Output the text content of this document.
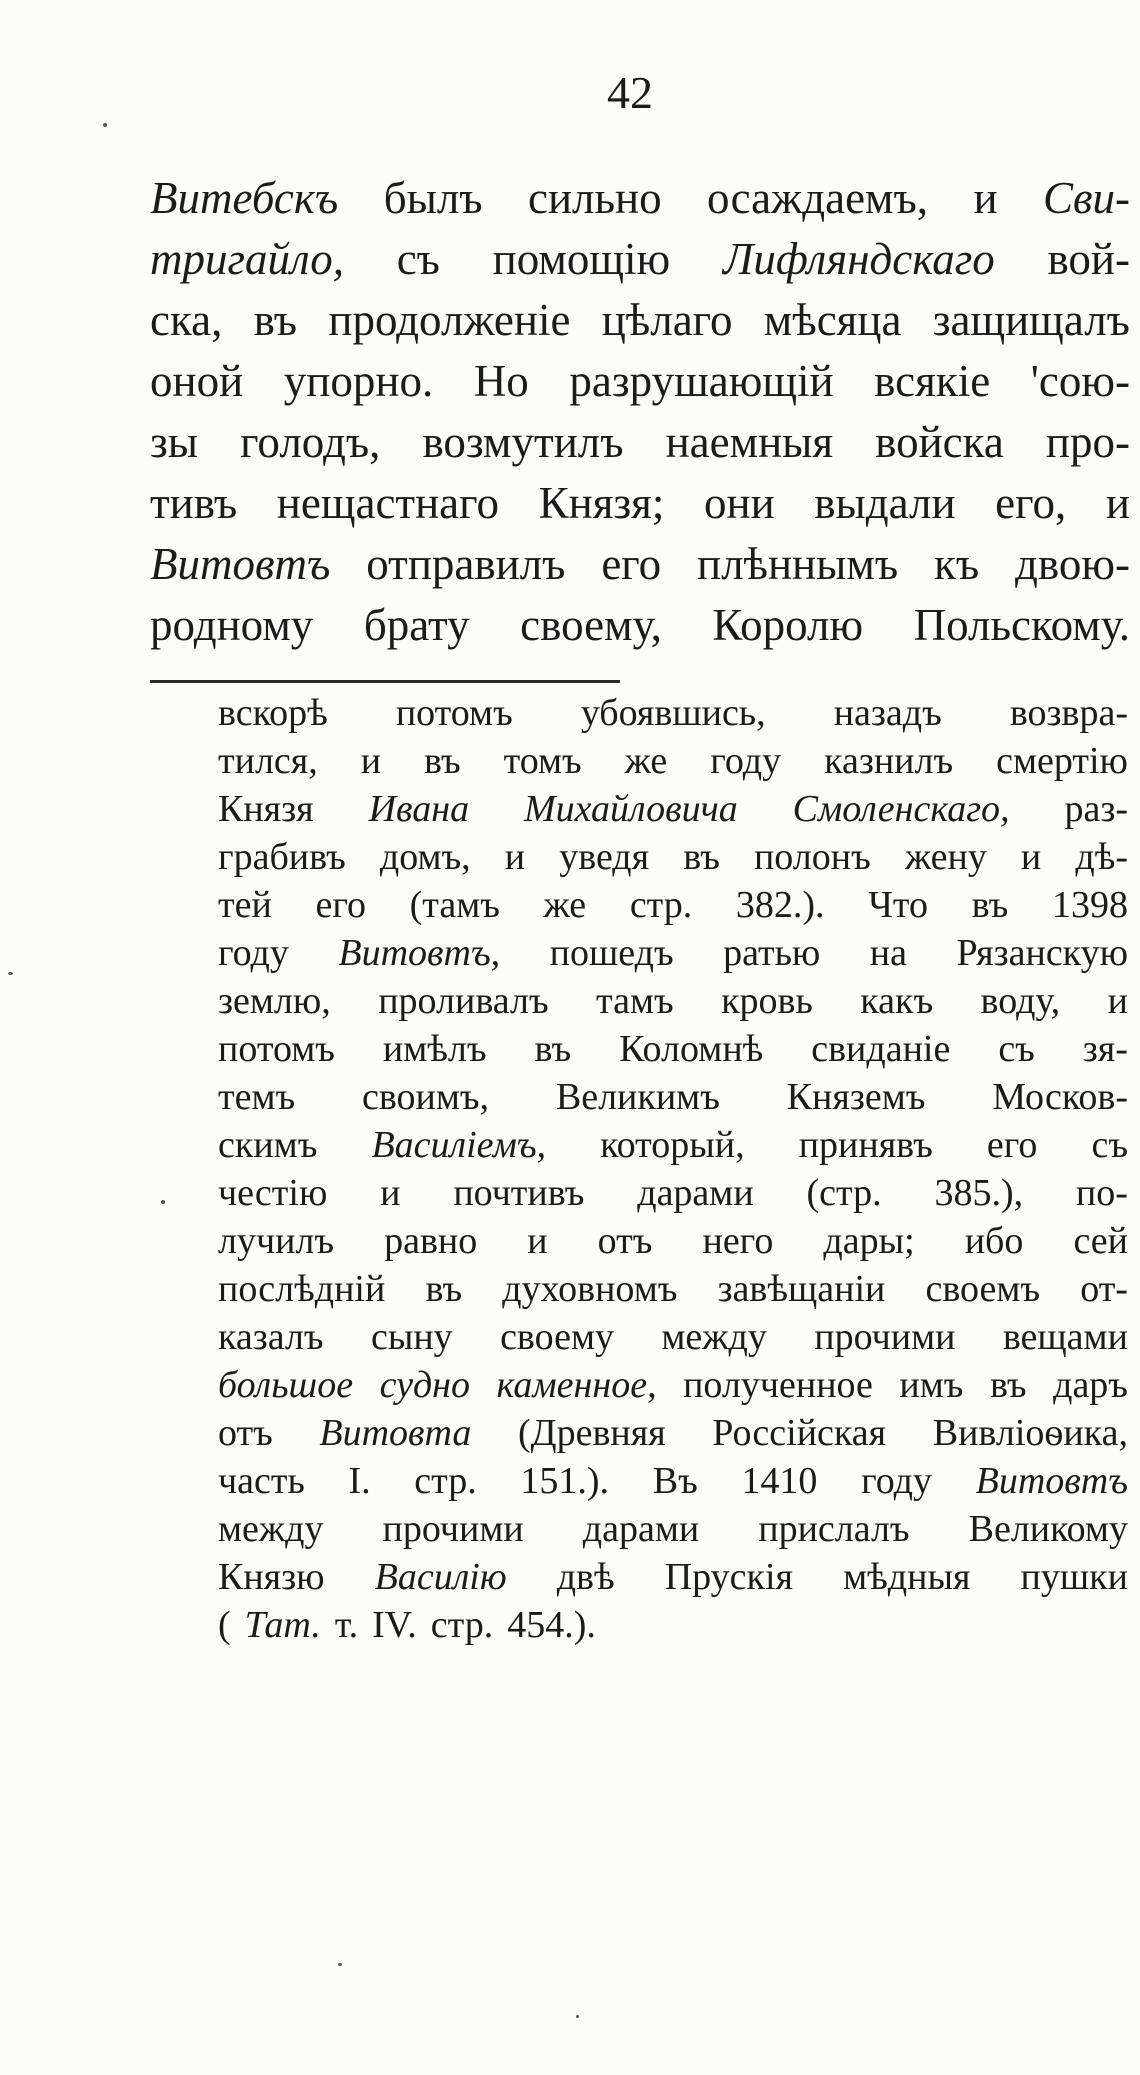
42
Витебскъ былъ сильно осаждаемъ, и Сви-
тригайло, съ помощію Лифляндскаго вой-
ска, въ продолженіе цѣлаго мѣсяца защищалъ
оной упорно. Но разрушающій всякіе 'сою-
зы голодъ, возмутилъ наемныя войска про-
тивъ нещастнаго Князя; они выдали его, и
Витовтъ отправилъ его плѣннымъ къ двою-
родному брату своему, Королю Польскому.
вскорѣ потомъ убоявшись, назадъ возвра-
тился, и въ томъ же году казнилъ смертію
Князя Ивана Михайловича Смоленскаго, раз-
грабивъ домъ, и уведя въ полонъ жену и дѣ-
тей его (тамъ же стр. 382.). Что въ 1398
году Витовтъ, пошедъ ратью на Рязанскую
землю, проливалъ тамъ кровь какъ воду, и
потомъ имѣлъ въ Коломнѣ свиданіе съ зя-
темъ своимъ, Великимъ Княземъ Москов-
скимъ Василіемъ, который, принявъ его съ
честію и почтивъ дарами (стр. 385.), по-
лучилъ равно и отъ него дары; ибо сей
послѣдній въ духовномъ завѣщаніи своемъ от-
казалъ сыну своему между прочими вещами
большое судно каменное, полученное имъ въ даръ
отъ Витовта (Древняя Россійская Вивліоѳика,
часть I. стр. 151.). Въ 1410 году Витовтъ
между прочими дарами прислалъ Великому
Князю Василію двѣ Прускія мѣдныя пушки
( Тат. т. IV. стр. 454.).
